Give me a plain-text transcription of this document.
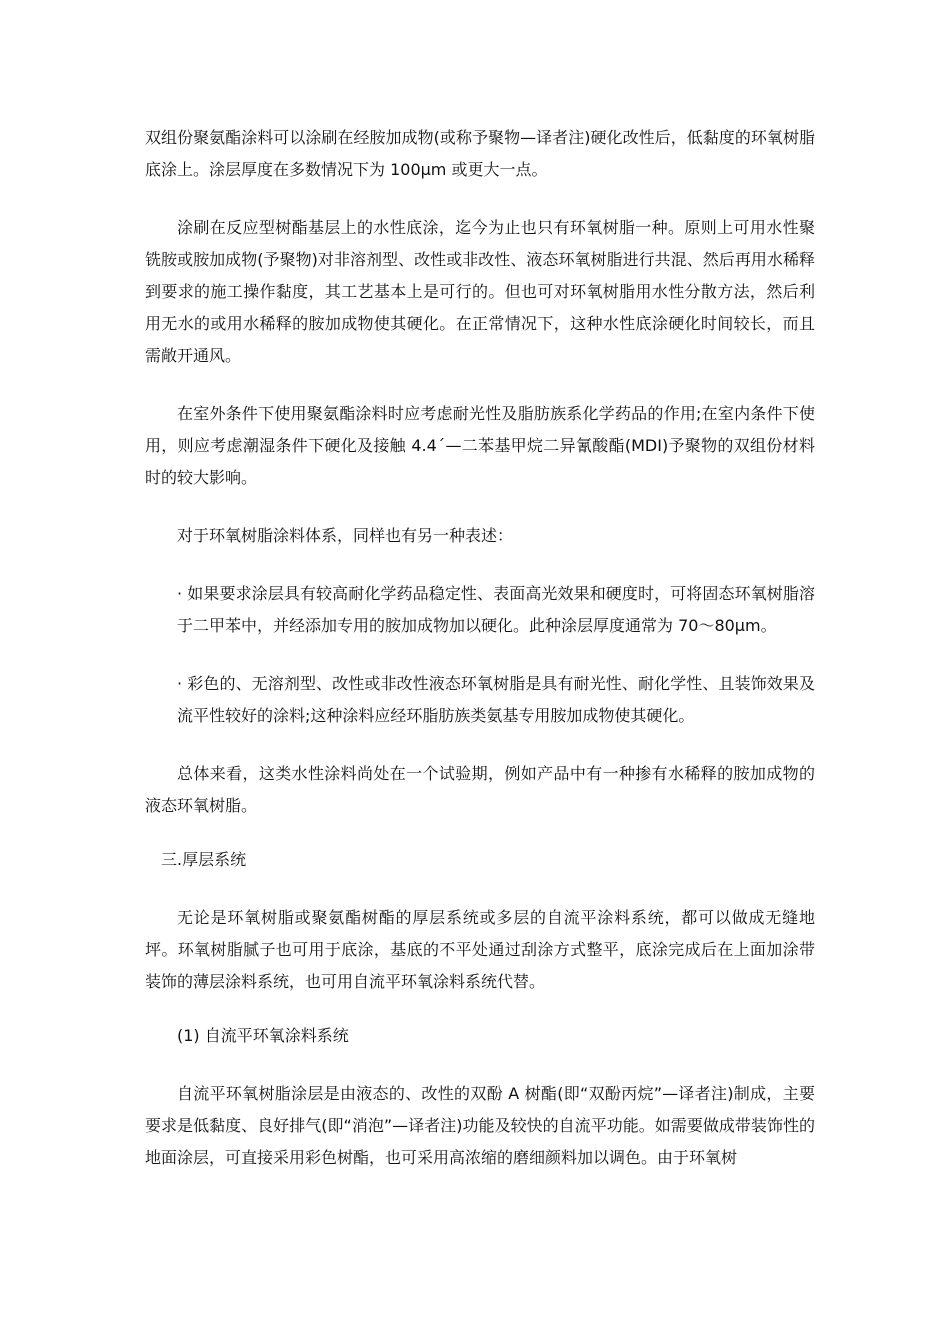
双组份聚氨酯涂料可以涂刷在经胺加成物(或称予聚物—译者注)硬化改性后，低黏度的环氧树脂底涂上。涂层厚度在多数情况下为 100μm 或更大一点。

涂刷在反应型树酯基层上的水性底涂，迄今为止也只有环氧树脂一种。原则上可用水性聚铣胺或胺加成物(予聚物)对非溶剂型、改性或非改性、液态环氧树脂进行共混、然后再用水稀释到要求的施工操作黏度，其工艺基本上是可行的。但也可对环氧树脂用水性分散方法，然后利用无水的或用水稀释的胺加成物使其硬化。在正常情况下，这种水性底涂硬化时间较长，而且需敞开通风。

在室外条件下使用聚氨酯涂料时应考虑耐光性及脂肪族系化学药品的作用;在室内条件下使用，则应考虑潮湿条件下硬化及接触 4.4ˊ—二苯基甲烷二异氰酸酯(MDI)予聚物的双组份材料时的较大影响。

对于环氧树脂涂料体系，同样也有另一种表述：

· 如果要求涂层具有较高耐化学药品稳定性、表面高光效果和硬度时，可将固态环氧树脂溶于二甲苯中，并经添加专用的胺加成物加以硬化。此种涂层厚度通常为 70～80μm。

· 彩色的、无溶剂型、改性或非改性液态环氧树脂是具有耐光性、耐化学性、且装饰效果及流平性较好的涂料;这种涂料应经环脂肪族类氨基专用胺加成物使其硬化。

总体来看，这类水性涂料尚处在一个试验期，例如产品中有一种掺有水稀释的胺加成物的液态环氧树脂。

三.厚层系统

无论是环氧树脂或聚氨酯树酯的厚层系统或多层的自流平涂料系统，都可以做成无缝地坪。环氧树脂腻子也可用于底涂，基底的不平处通过刮涂方式整平，底涂完成后在上面加涂带装饰的薄层涂料系统，也可用自流平环氧涂料系统代替。

(1) 自流平环氧涂料系统

自流平环氧树脂涂层是由液态的、改性的双酚 A 树酯(即“双酚丙烷”—译者注)制成，主要要求是低黏度、良好排气(即“消泡”—译者注)功能及较快的自流平功能。如需要做成带装饰性的地面涂层，可直接采用彩色树酯，也可采用高浓缩的磨细颜料加以调色。由于环氧树
